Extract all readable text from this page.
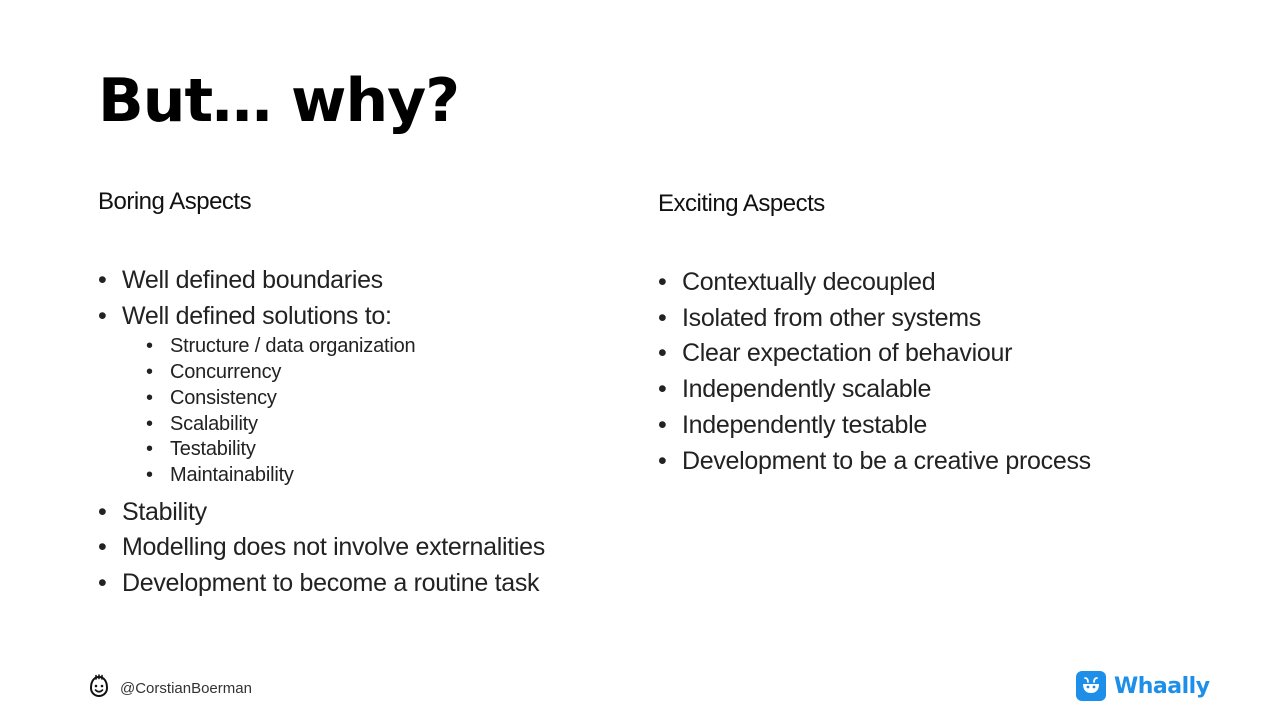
But… why?

Boring Aspects

• Well defined boundaries
• Well defined solutions to:
• Structure / data organization
• Concurrency
• Consistency
• Scalability
• Testability
• Maintainability
• Stability
• Modelling does not involve externalities
• Development to become a routine task

Exciting Aspects

• Contextually decoupled
• Isolated from other systems
• Clear expectation of behaviour
• Independently scalable
• Independently testable
• Development to be a creative process
@CorstianBoerman	Whaally
